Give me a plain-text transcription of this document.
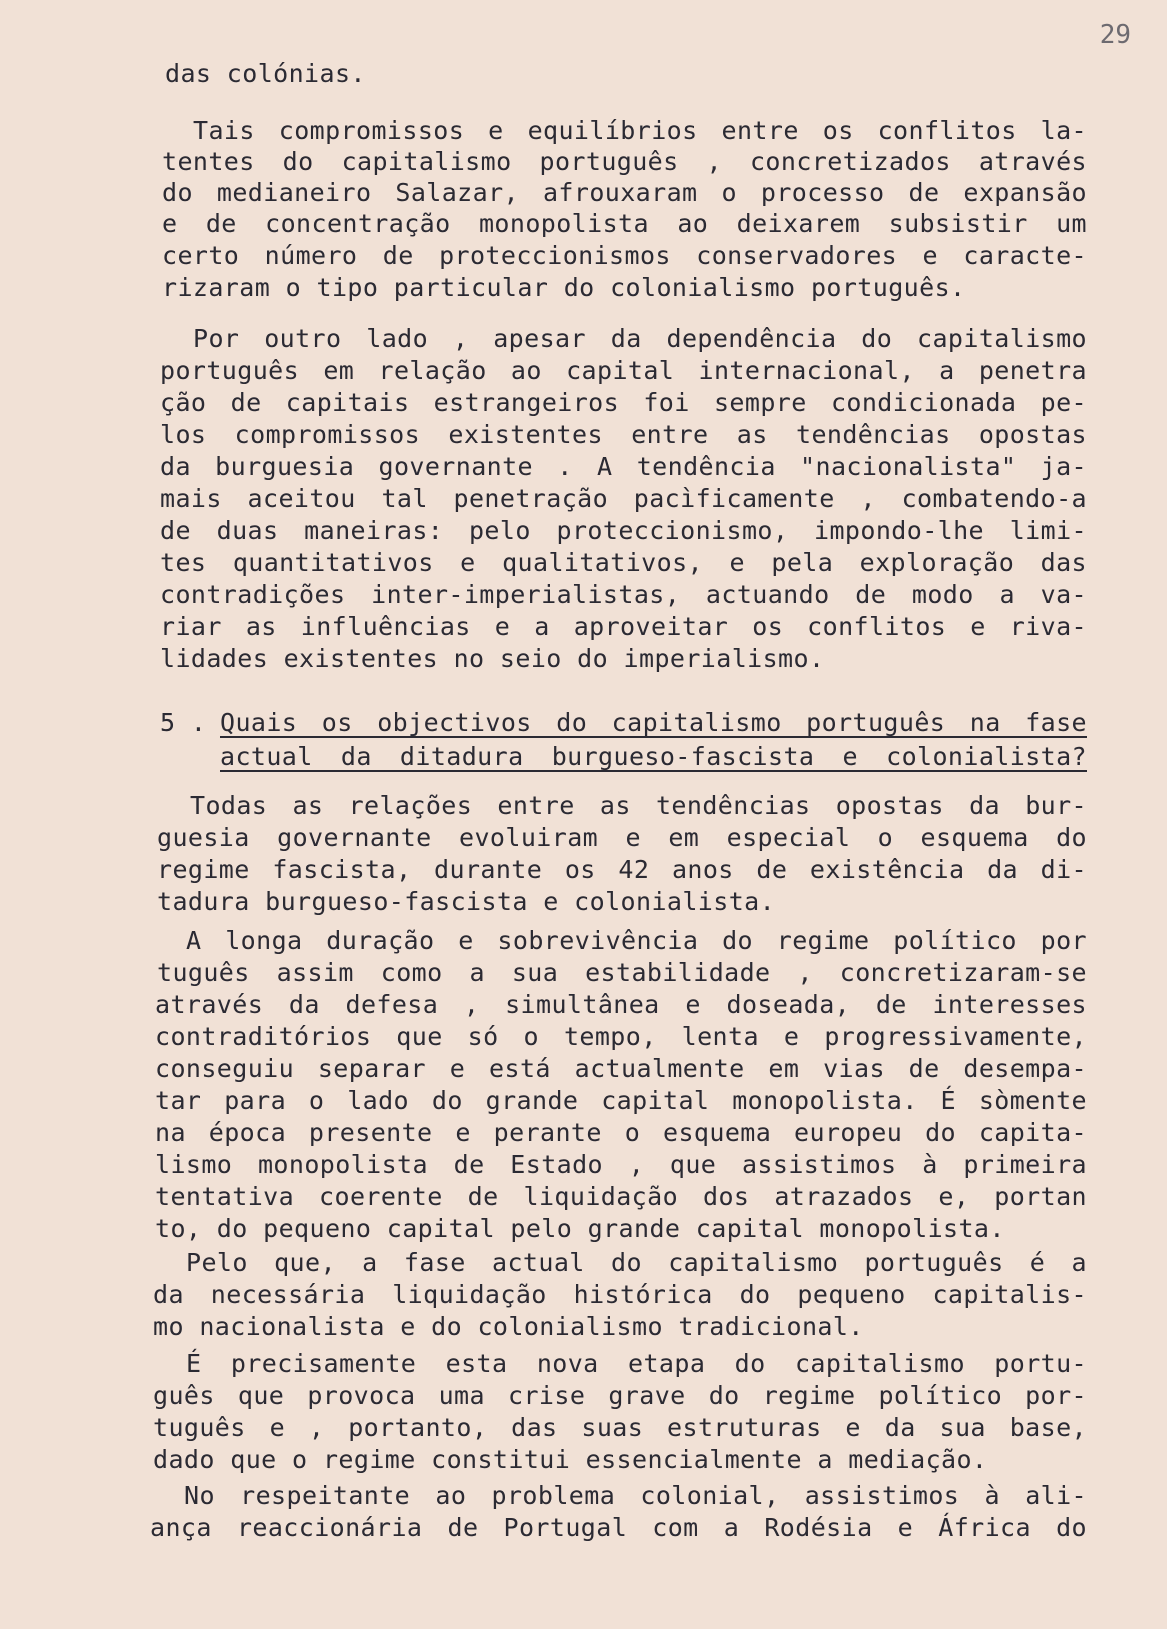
29
das colónias.
Tais compromissos e equilíbrios entre os conflitos la-
tentes do capitalismo português , concretizados através
do medianeiro Salazar, afrouxaram o processo de expansão
e de concentração monopolista ao deixarem subsistir um
certo número de proteccionismos conservadores e caracte-
rizaram o tipo particular do colonialismo português.
Por outro lado , apesar da dependência do capitalismo
português em relação ao capital internacional, a penetra
ção de capitais estrangeiros foi sempre condicionada pe-
los compromissos existentes entre as tendências opostas
da burguesia governante . A tendência "nacionalista" ja-
mais aceitou tal penetração pacìficamente , combatendo-a
de duas maneiras: pelo proteccionismo, impondo-lhe limi-
tes quantitativos e qualitativos, e pela exploração das
contradições inter-imperialistas, actuando de modo a va-
riar as influências e a aproveitar os conflitos e riva-
lidades existentes no seio do imperialismo.
5 . Quais os objectivos do capitalismo português na fase
actual da ditadura burgueso-fascista e colonialista?
Todas as relações entre as tendências opostas da bur-
guesia governante evoluiram e em especial o esquema do
regime fascista, durante os 42 anos de existência da di-
tadura burgueso-fascista e colonialista.
A longa duração e sobrevivência do regime político por
tuguês assim como a sua estabilidade , concretizaram-se
através da defesa , simultânea e doseada, de interesses
contraditórios que só o tempo, lenta e progressivamente,
conseguiu separar e está actualmente em vias de desempa-
tar para o lado do grande capital monopolista. É sòmente
na época presente e perante o esquema europeu do capita-
lismo monopolista de Estado , que assistimos à primeira
tentativa coerente de liquidação dos atrazados e, portan
to, do pequeno capital pelo grande capital monopolista.
Pelo que, a fase actual do capitalismo português é a
da necessária liquidação histórica do pequeno capitalis-
mo nacionalista e do colonialismo tradicional.
É precisamente esta nova etapa do capitalismo portu-
guês que provoca uma crise grave do regime político por-
tuguês e , portanto, das suas estruturas e da sua base,
dado que o regime constitui essencialmente a mediação.
No respeitante ao problema colonial, assistimos à ali-
ança reaccionária de Portugal com a Rodésia e África do
